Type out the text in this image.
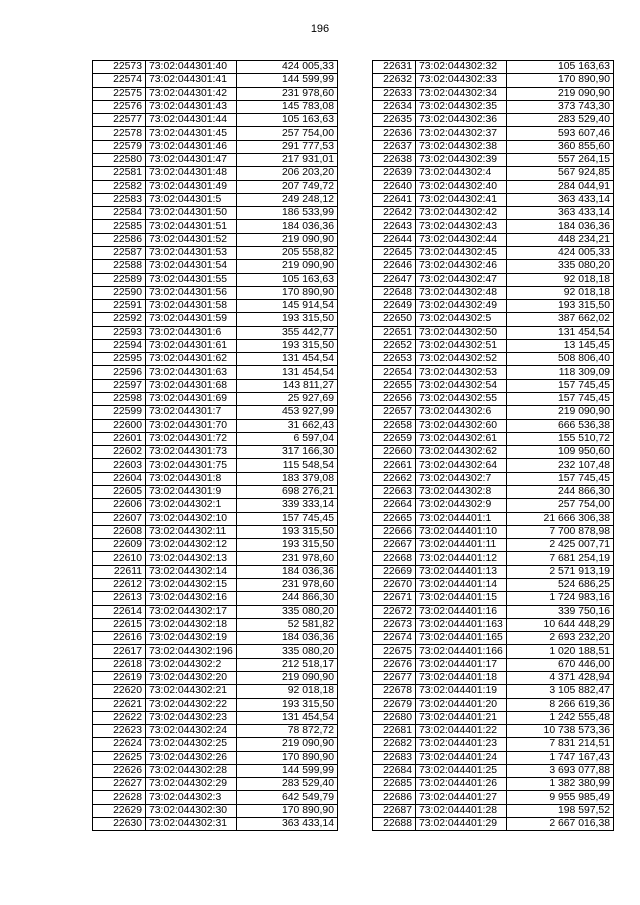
196
22573	73:02:044301:40	424 005,33
22574	73:02:044301:41	144 599,99
22575	73:02:044301:42	231 978,60
22576	73:02:044301:43	145 783,08
22577	73:02:044301:44	105 163,63
22578	73:02:044301:45	257 754,00
22579	73:02:044301:46	291 777,53
22580	73:02:044301:47	217 931,01
22581	73:02:044301:48	206 203,20
22582	73:02:044301:49	207 749,72
22583	73:02:044301:5	249 248,12
22584	73:02:044301:50	186 533,99
22585	73:02:044301:51	184 036,36
22586	73:02:044301:52	219 090,90
22587	73:02:044301:53	205 558,82
22588	73:02:044301:54	219 090,90
22589	73:02:044301:55	105 163,63
22590	73:02:044301:56	170 890,90
22591	73:02:044301:58	145 914,54
22592	73:02:044301:59	193 315,50
22593	73:02:044301:6	355 442,77
22594	73:02:044301:61	193 315,50
22595	73:02:044301:62	131 454,54
22596	73:02:044301:63	131 454,54
22597	73:02:044301:68	143 811,27
22598	73:02:044301:69	25 927,69
22599	73:02:044301:7	453 927,99
22600	73:02:044301:70	31 662,43
22601	73:02:044301:72	6 597,04
22602	73:02:044301:73	317 166,30
22603	73:02:044301:75	115 548,54
22604	73:02:044301:8	183 379,08
22605	73:02:044301:9	698 276,21
22606	73:02:044302:1	339 333,14
22607	73:02:044302:10	157 745,45
22608	73:02:044302:11	193 315,50
22609	73:02:044302:12	193 315,50
22610	73:02:044302:13	231 978,60
22611	73:02:044302:14	184 036,36
22612	73:02:044302:15	231 978,60
22613	73:02:044302:16	244 866,30
22614	73:02:044302:17	335 080,20
22615	73:02:044302:18	52 581,82
22616	73:02:044302:19	184 036,36
22617	73:02:044302:196	335 080,20
22618	73:02:044302:2	212 518,17
22619	73:02:044302:20	219 090,90
22620	73:02:044302:21	92 018,18
22621	73:02:044302:22	193 315,50
22622	73:02:044302:23	131 454,54
22623	73:02:044302:24	78 872,72
22624	73:02:044302:25	219 090,90
22625	73:02:044302:26	170 890,90
22626	73:02:044302:28	144 599,99
22627	73:02:044302:29	283 529,40
22628	73:02:044302:3	642 549,79
22629	73:02:044302:30	170 890,90
22630	73:02:044302:31	363 433,14
22631	73:02:044302:32	105 163,63
22632	73:02:044302:33	170 890,90
22633	73:02:044302:34	219 090,90
22634	73:02:044302:35	373 743,30
22635	73:02:044302:36	283 529,40
22636	73:02:044302:37	593 607,46
22637	73:02:044302:38	360 855,60
22638	73:02:044302:39	557 264,15
22639	73:02:044302:4	567 924,85
22640	73:02:044302:40	284 044,91
22641	73:02:044302:41	363 433,14
22642	73:02:044302:42	363 433,14
22643	73:02:044302:43	184 036,36
22644	73:02:044302:44	448 234,21
22645	73:02:044302:45	424 005,33
22646	73:02:044302:46	335 080,20
22647	73:02:044302:47	92 018,18
22648	73:02:044302:48	92 018,18
22649	73:02:044302:49	193 315,50
22650	73:02:044302:5	387 662,02
22651	73:02:044302:50	131 454,54
22652	73:02:044302:51	13 145,45
22653	73:02:044302:52	508 806,40
22654	73:02:044302:53	118 309,09
22655	73:02:044302:54	157 745,45
22656	73:02:044302:55	157 745,45
22657	73:02:044302:6	219 090,90
22658	73:02:044302:60	666 536,38
22659	73:02:044302:61	155 510,72
22660	73:02:044302:62	109 950,60
22661	73:02:044302:64	232 107,48
22662	73:02:044302:7	157 745,45
22663	73:02:044302:8	244 866,30
22664	73:02:044302:9	257 754,00
22665	73:02:044401:1	21 666 306,38
22666	73:02:044401:10	7 700 878,98
22667	73:02:044401:11	2 425 007,71
22668	73:02:044401:12	7 681 254,19
22669	73:02:044401:13	2 571 913,19
22670	73:02:044401:14	524 686,25
22671	73:02:044401:15	1 724 983,16
22672	73:02:044401:16	339 750,16
22673	73:02:044401:163	10 644 448,29
22674	73:02:044401:165	2 693 232,20
22675	73:02:044401:166	1 020 188,51
22676	73:02:044401:17	670 446,00
22677	73:02:044401:18	4 371 428,94
22678	73:02:044401:19	3 105 882,47
22679	73:02:044401:20	8 266 619,36
22680	73:02:044401:21	1 242 555,48
22681	73:02:044401:22	10 738 573,36
22682	73:02:044401:23	7 831 214,51
22683	73:02:044401:24	1 747 167,43
22684	73:02:044401:25	3 693 077,88
22685	73:02:044401:26	1 382 380,99
22686	73:02:044401:27	9 955 985,49
22687	73:02:044401:28	198 597,52
22688	73:02:044401:29	2 667 016,38
